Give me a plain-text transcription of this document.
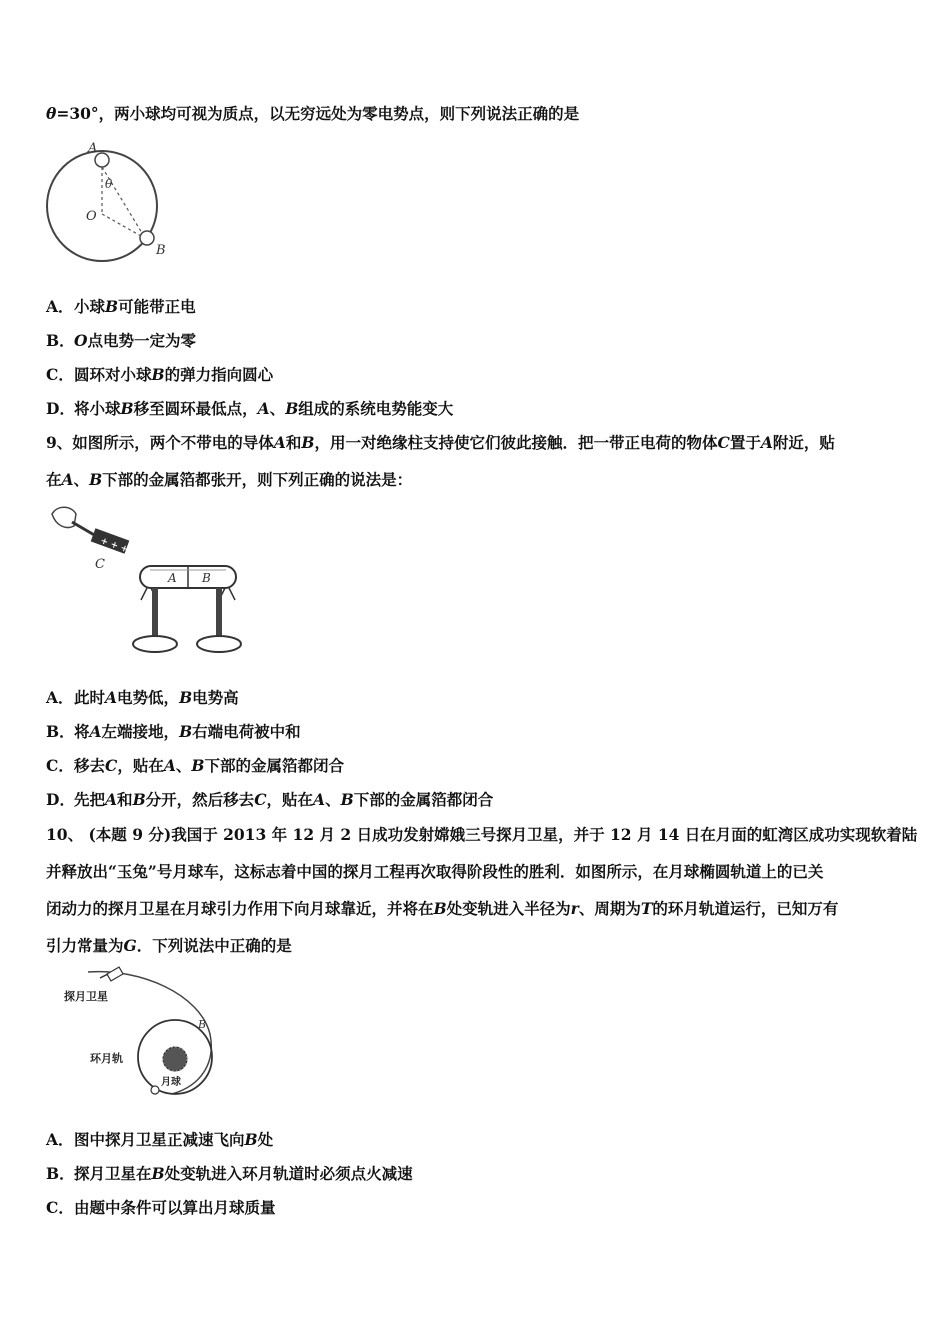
θ=30°，两小球均可视为质点，以无穷远处为零电势点，则下列说法正确的是
A
B
O
θ
A．小球B可能带正电
B．O点电势一定为零
C．圆环对小球B的弹力指向圆心
D．将小球B移至圆环最低点，A、B组成的系统电势能变大
9、如图所示，两个不带电的导体A和B，用一对绝缘柱支持使它们彼此接触．把一带正电荷的物体C置于A附近，贴
在A、B下部的金属箔都张开，则下列正确的说法是：
+ + +
C
A B
A．此时A电势低，B电势高
B．将A左端接地，B右端电荷被中和
C．移去C，贴在A、B下部的金属箔都闭合
D．先把A和B分开，然后移去C，贴在A、B下部的金属箔都闭合
10、 (本题 9 分)我国于 2013 年 12 月 2 日成功发射嫦娥三号探月卫星，并于 12 月 14 日在月面的虹湾区成功实现软着陆
并释放出“玉兔”号月球车，这标志着中国的探月工程再次取得阶段性的胜利．如图所示，在月球椭圆轨道上的已关
闭动力的探月卫星在月球引力作用下向月球靠近，并将在B处变轨进入半径为r、周期为T的环月轨道运行，已知万有
引力常量为G．下列说法中正确的是
探月卫星
环月轨
月球
B
A．图中探月卫星正减速飞向B处
B．探月卫星在B处变轨进入环月轨道时必须点火减速
C．由题中条件可以算出月球质量
